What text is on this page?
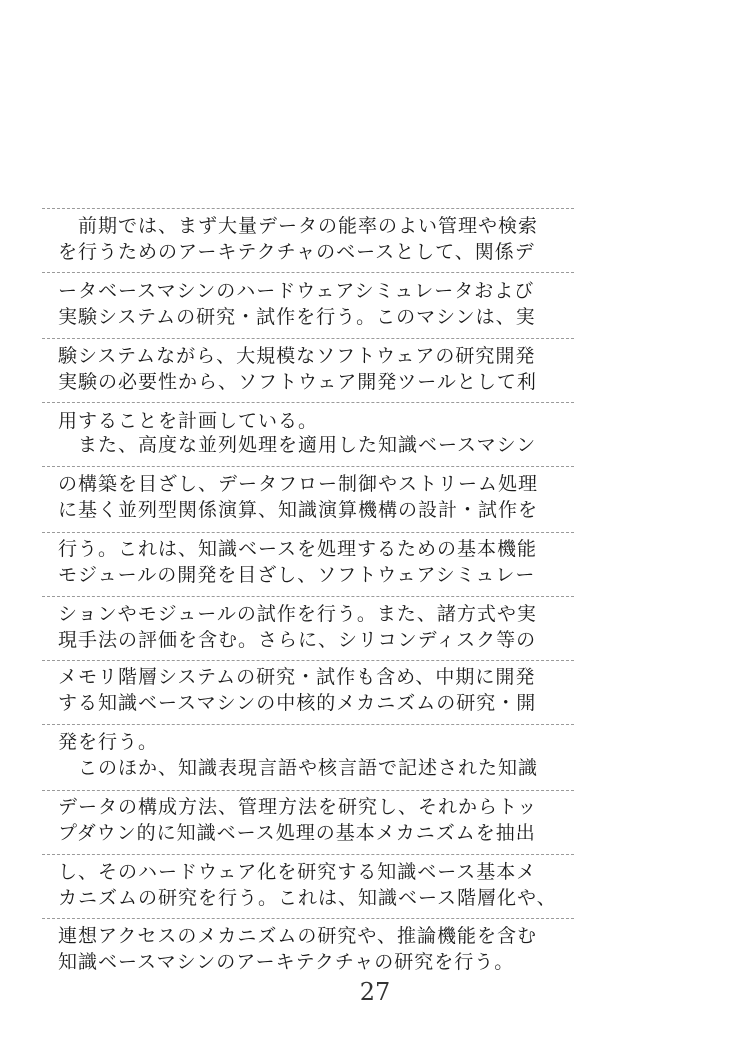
　前期では、まず大量データの能率のよい管理や検索
を行うためのアーキテクチャのベースとして、関係デ
ータベースマシンのハードウェアシミュレータおよび
実験システムの研究・試作を行う。このマシンは、実
験システムながら、大規模なソフトウェアの研究開発
実験の必要性から、ソフトウェア開発ツールとして利
用することを計画している。
　また、高度な並列処理を適用した知識ベースマシン
の構築を目ざし、データフロー制御やストリーム処理
に基く並列型関係演算、知識演算機構の設計・試作を
行う。これは、知識ベースを処理するための基本機能
モジュールの開発を目ざし、ソフトウェアシミュレー
ションやモジュールの試作を行う。また、諸方式や実
現手法の評価を含む。さらに、シリコンディスク等の
メモリ階層システムの研究・試作も含め、中期に開発
する知識ベースマシンの中核的メカニズムの研究・開
発を行う。
　このほか、知識表現言語や核言語で記述された知識
データの構成方法、管理方法を研究し、それからトッ
プダウン的に知識ベース処理の基本メカニズムを抽出
し、そのハードウェア化を研究する知識ベース基本メ
カニズムの研究を行う。これは、知識ベース階層化や、
連想アクセスのメカニズムの研究や、推論機能を含む
知識ベースマシンのアーキテクチャの研究を行う。
27
